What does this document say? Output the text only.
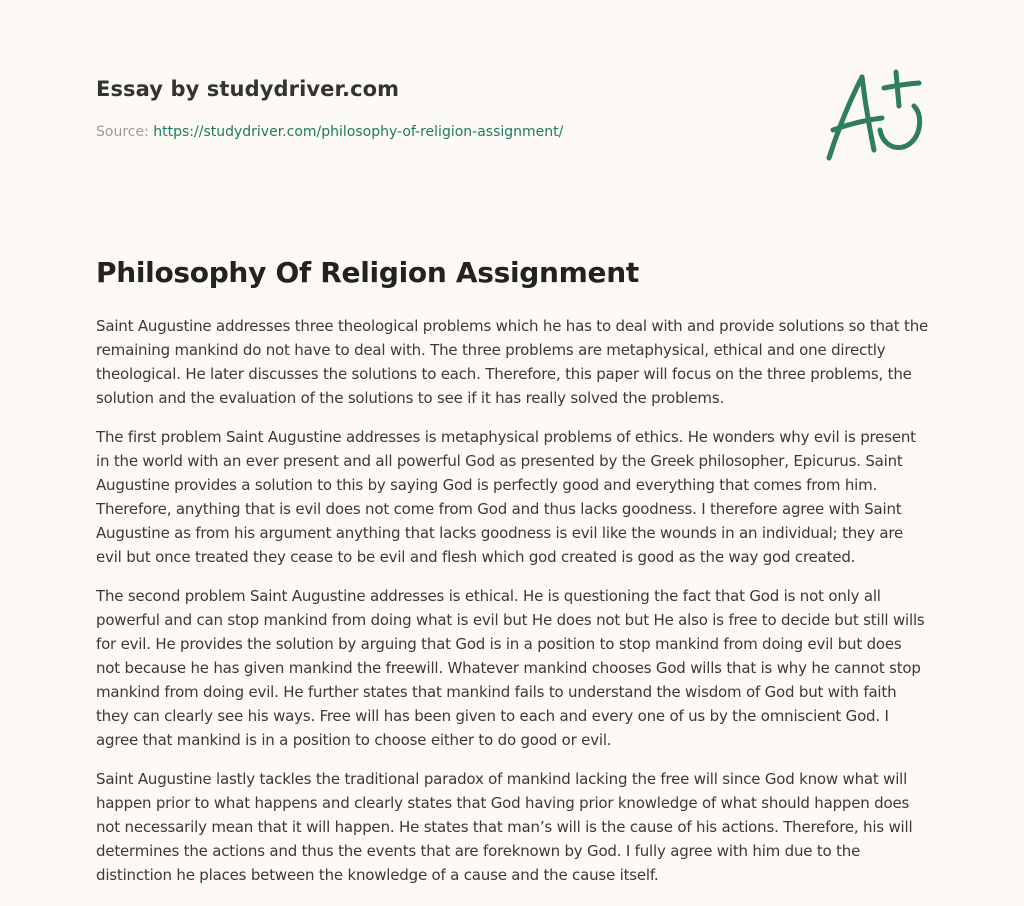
Essay by studydriver.com
Source: https://studydriver.com/philosophy-of-religion-assignment/
Philosophy Of Religion Assignment

Saint Augustine addresses three theological problems which he has to deal with and provide solutions so that the remaining mankind do not have to deal with. The three problems are metaphysical, ethical and one directly theological. He later discusses the solutions to each. Therefore, this paper will focus on the three problems, the solution and the evaluation of the solutions to see if it has really solved the problems.

The first problem Saint Augustine addresses is metaphysical problems of ethics. He wonders why evil is present in the world with an ever present and all powerful God as presented by the Greek philosopher, Epicurus. Saint Augustine provides a solution to this by saying God is perfectly good and everything that comes from him. Therefore, anything that is evil does not come from God and thus lacks goodness. I therefore agree with Saint Augustine as from his argument anything that lacks goodness is evil like the wounds in an individual; they are evil but once treated they cease to be evil and flesh which god created is good as the way god created.

The second problem Saint Augustine addresses is ethical. He is questioning the fact that God is not only all powerful and can stop mankind from doing what is evil but He does not but He also is free to decide but still wills for evil. He provides the solution by arguing that God is in a position to stop mankind from doing evil but does not because he has given mankind the freewill. Whatever mankind chooses God wills that is why he cannot stop mankind from doing evil. He further states that mankind fails to understand the wisdom of God but with faith they can clearly see his ways. Free will has been given to each and every one of us by the omniscient God. I agree that mankind is in a position to choose either to do good or evil.

Saint Augustine lastly tackles the traditional paradox of mankind lacking the free will since God know what will happen prior to what happens and clearly states that God having prior knowledge of what should happen does not necessarily mean that it will happen. He states that man’s will is the cause of his actions. Therefore, his will determines the actions and thus the events that are foreknown by God. I fully agree with him due to the distinction he places between the knowledge of a cause and the cause itself.
